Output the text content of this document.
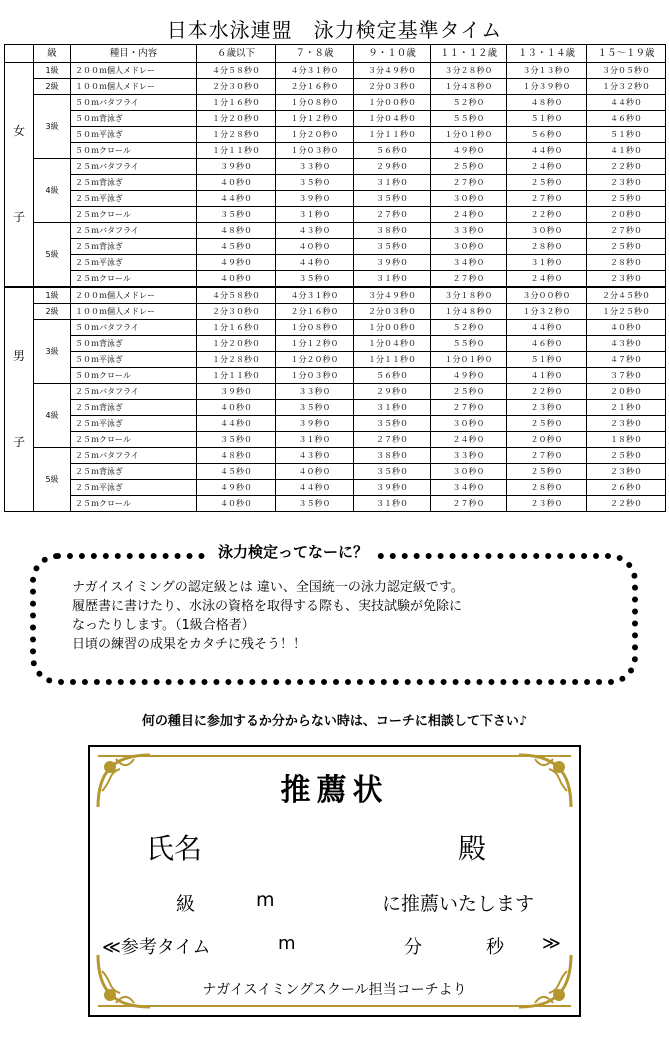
日本水泳連盟　泳力検定基準タイム
	級	種目・内容	６歳以下	７・８歳	９・１０歳	１１・１２歳	１３・１４歳	１５〜１９歳

女
子	1級	２００ｍ個人メドレー	４分５８秒０	４分３１秒０	３分４９秒０	３分２８秒０	３分１３秒０	３分０５秒０
	2級	１００ｍ個人メドレー	２分３０秒０	２分１６秒０	２分０３秒０	１分４８秒０	１分３９秒０	１分３２秒０
	3級	５０ｍバタフライ	１分１６秒０	１分０８秒０	１分００秒０	５２秒０	４８秒０	４４秒０
		５０ｍ背泳ぎ	１分２０秒０	１分１２秒０	１分０４秒０	５５秒０	５１秒０	４６秒０
		５０ｍ平泳ぎ	１分２８秒０	１分２０秒０	１分１１秒０	１分０１秒０	５６秒０	５１秒０
		５０ｍクロール	１分１１秒０	１分０３秒０	５６秒０	４９秒０	４４秒０	４１秒０
	4級	２５ｍバタフライ	３９秒０	３３秒０	２９秒０	２５秒０	２４秒０	２２秒０
		２５ｍ背泳ぎ	４０秒０	３５秒０	３１秒０	２７秒０	２５秒０	２３秒０
		２５ｍ平泳ぎ	４４秒０	３９秒０	３５秒０	３０秒０	２７秒０	２５秒０
		２５ｍクロール	３５秒０	３１秒０	２７秒０	２４秒０	２２秒０	２０秒０
	5級	２５ｍバタフライ	４８秒０	４３秒０	３８秒０	３３秒０	３０秒０	２７秒０
		２５ｍ背泳ぎ	４５秒０	４０秒０	３５秒０	３０秒０	２８秒０	２５秒０
		２５ｍ平泳ぎ	４９秒０	４４秒０	３９秒０	３４秒０	３１秒０	２８秒０
		２５ｍクロール	４０秒０	３５秒０	３１秒０	２７秒０	２４秒０	２３秒０

男
子	1級	２００ｍ個人メドレー	４分５８秒０	４分３１秒０	３分４９秒０	３分１８秒０	３分００秒０	２分４５秒０
	2級	１００ｍ個人メドレー	２分３０秒０	２分１６秒０	２分０３秒０	１分４８秒０	１分３２秒０	１分２５秒０
	3級	５０ｍバタフライ	１分１６秒０	１分０８秒０	１分００秒０	５２秒０	４４秒０	４０秒０
		５０ｍ背泳ぎ	１分２０秒０	１分１２秒０	１分０４秒０	５５秒０	４６秒０	４３秒０
		５０ｍ平泳ぎ	１分２８秒０	１分２０秒０	１分１１秒０	１分０１秒０	５１秒０	４７秒０
		５０ｍクロール	１分１１秒０	１分０３秒０	５６秒０	４９秒０	４１秒０	３７秒０
	4級	２５ｍバタフライ	３９秒０	３３秒０	２９秒０	２５秒０	２２秒０	２０秒０
		２５ｍ背泳ぎ	４０秒０	３５秒０	３１秒０	２７秒０	２３秒０	２１秒０
		２５ｍ平泳ぎ	４４秒０	３９秒０	３５秒０	３０秒０	２５秒０	２３秒０
		２５ｍクロール	３５秒０	３１秒０	２７秒０	２４秒０	２０秒０	１８秒０
	5級	２５ｍバタフライ	４８秒０	４３秒０	３８秒０	３３秒０	２７秒０	２５秒０
		２５ｍ背泳ぎ	４５秒０	４０秒０	３５秒０	３０秒０	２５秒０	２３秒０
		２５ｍ平泳ぎ	４９秒０	４４秒０	３９秒０	３４秒０	２８秒０	２６秒０
		２５ｍクロール	４０秒０	３５秒０	３１秒０	２７秒０	２３秒０	２２秒０
泳力検定ってなーに？
ナガイスイミングの認定級とは 違い、全国統一の泳力認定級です。
履歴書に書けたり、水泳の資格を取得する際も、実技試験が免除に
なったりします。（1級合格者）
日頃の練習の成果をカタチに残そう！！
何の種目に参加するか分からない時は、コーチに相談して下さい♪
推薦状
氏名	殿
級	m	に推薦いたします
≪参考タイム	m	分	秒 ≫
ナガイスイミングスクール担当コーチより
